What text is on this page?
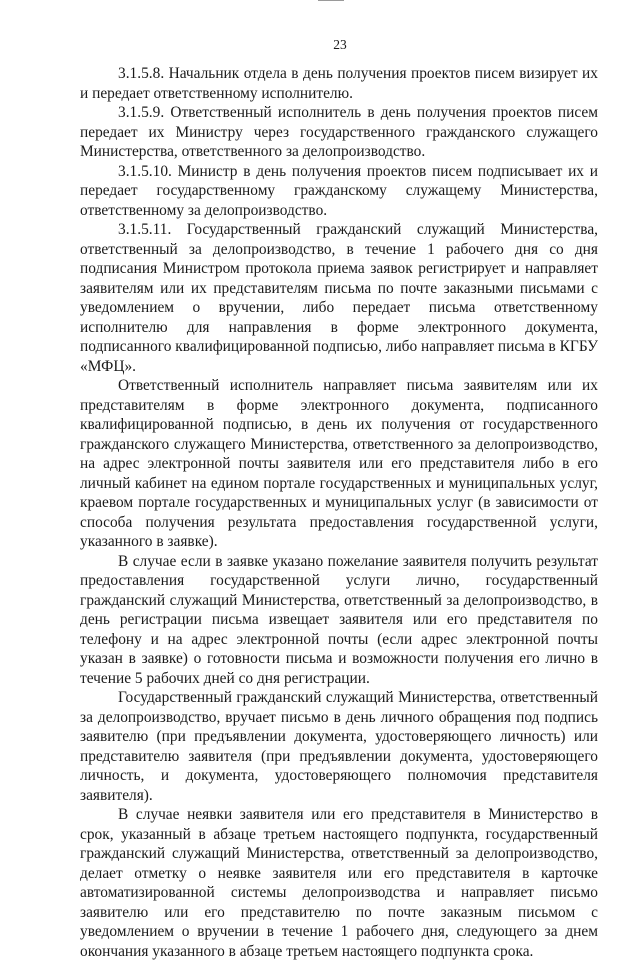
23

3.1.5.8. Начальник отдела в день получения проектов писем визирует их и передает ответственному исполнителю.

3.1.5.9. Ответственный исполнитель в день получения проектов писем передает их Министру через государственного гражданского служащего Министерства, ответственного за делопроизводство.

3.1.5.10. Министр в день получения проектов писем подписывает их и передает государственному гражданскому служащему Министерства, ответственному за делопроизводство.

3.1.5.11. Государственный гражданский служащий Министерства, ответственный за делопроизводство, в течение 1 рабочего дня со дня подписания Министром протокола приема заявок регистрирует и направляет заявителям или их представителям письма по почте заказными письмами с уведомлением о вручении, либо передает письма ответственному исполнителю для направления в форме электронного документа, подписанного квалифицированной подписью, либо направляет письма в КГБУ «МФЦ».

Ответственный исполнитель направляет письма заявителям или их представителям в форме электронного документа, подписанного квалифицированной подписью, в день их получения от государственного гражданского служащего Министерства, ответственного за делопроизводство, на адрес электронной почты заявителя или его представителя либо в его личный кабинет на едином портале государственных и муниципальных услуг, краевом портале государственных и муниципальных услуг (в зависимости от способа получения результата предоставления государственной услуги, указанного в заявке).

В случае если в заявке указано пожелание заявителя получить результат предоставления государственной услуги лично, государственный гражданский служащий Министерства, ответственный за делопроизводство, в день регистрации письма извещает заявителя или его представителя по телефону и на адрес электронной почты (если адрес электронной почты указан в заявке) о готовности письма и возможности получения его лично в течение 5 рабочих дней со дня регистрации.

Государственный гражданский служащий Министерства, ответственный за делопроизводство, вручает письмо в день личного обращения под подпись заявителю (при предъявлении документа, удостоверяющего личность) или представителю заявителя (при предъявлении документа, удостоверяющего личность, и документа, удостоверяющего полномочия представителя заявителя).

В случае неявки заявителя или его представителя в Министерство в срок, указанный в абзаце третьем настоящего подпункта, государственный гражданский служащий Министерства, ответственный за делопроизводство, делает отметку о неявке заявителя или его представителя в карточке автоматизированной системы делопроизводства и направляет письмо заявителю или его представителю по почте заказным письмом с уведомлением о вручении в течение 1 рабочего дня, следующего за днем окончания указанного в абзаце третьем настоящего подпункта срока.
